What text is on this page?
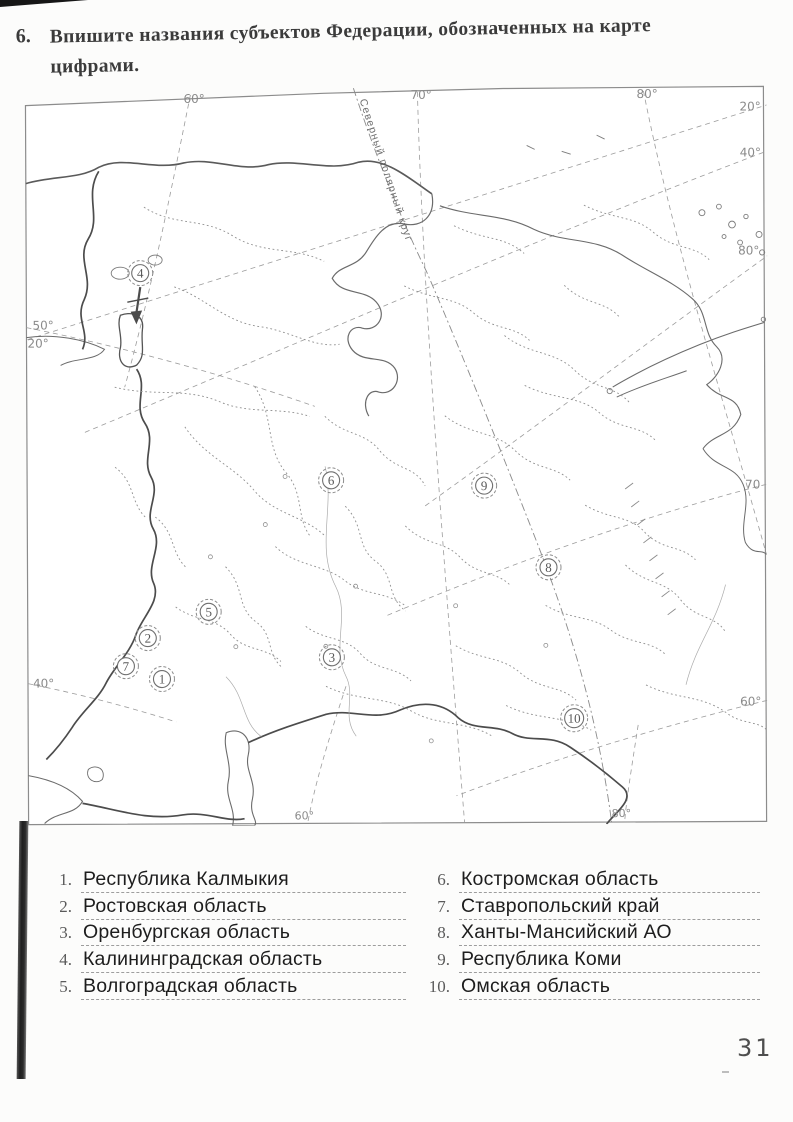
6. Впишите названия субъектов Федерации, обозначенных на карте
цифрами.
Северный полярный круг
4
6	9
8
5
2
7
1
3
10
60°	70°	80°
20°
40°
80°
70
60°
50°
20°
40°
60°	80°
1. Республика Калмыкия
2. Ростовская область
3. Оренбургская область
4. Калининградская область
5. Волгоградская область
6. Костромская область
7. Ставропольский край
8. Ханты-Мансийский АО
9. Республика Коми
10. Омская область
31
